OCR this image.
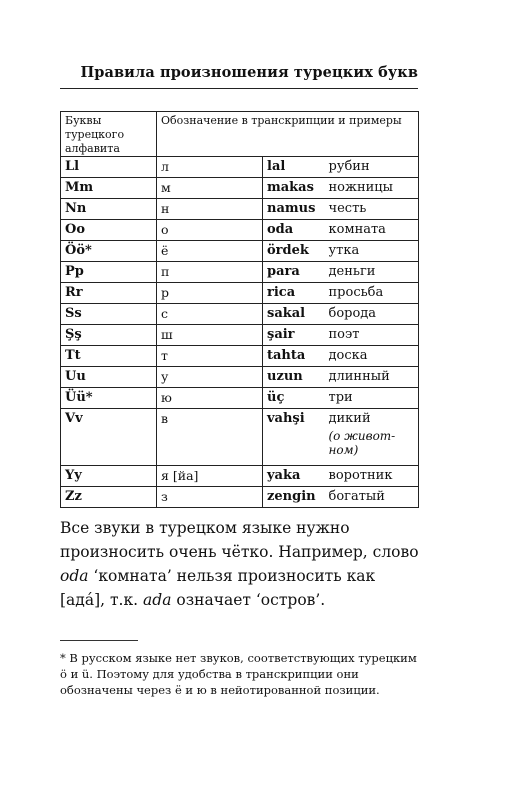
Правила произношения турецких букв
Буквы турецкого алфавита	Обозначение в транскрипции и примеры		
Ll	л	lal	рубин
Mm	м	makas	ножницы
Nn	н	namus	честь
Oo	о	oda	комната
Öö*	ё	ördek	утка
Pp	п	para	деньги
Rr	р	rica	просьба
Ss	с	sakal	борода
Şş	ш	şair	поэт
Tt	т	tahta	доска
Uu	у	uzun	длинный
Üü*	ю	üç	три
Vv	в	vahşi	дикий
(о живот-ном)

Yy	я [йа]	yaka	воротник
Zz	з	zengin	богатый
Все звуки в турецком языке нужно произносить очень чётко. Например, слово oda ‘комната’ нельзя произносить как [ада́], т.к. ada означает ‘остров’.
* В русском языке нет звуков, соответствующих турецким ö и ü. Поэтому для удобства в транскрипции они обозначены через ё и ю в нейотированной позиции.
